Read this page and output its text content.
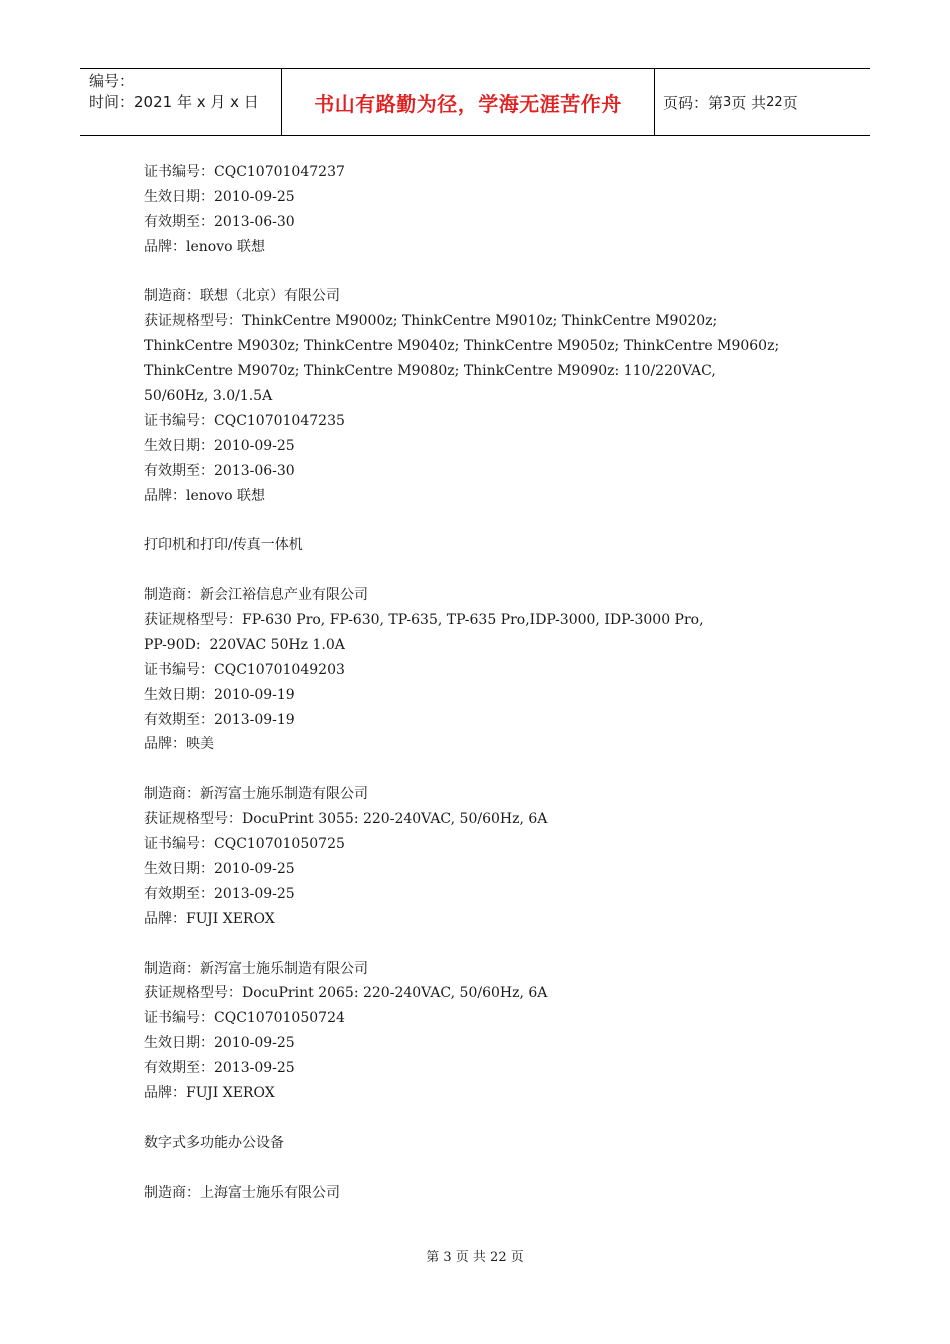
编号：
时间：2021 年 x 月 x 日	书山有路勤为径，学海无涯苦作舟	页码：第 3 页 共 22 页
证书编号：CQC10701047237
生效日期：2010-09-25
有效期至：2013-06-30
品牌：lenovo 联想
制造商：联想（北京）有限公司
获证规格型号：ThinkCentre M9000z; ThinkCentre M9010z; ThinkCentre M9020z;
ThinkCentre M9030z; ThinkCentre M9040z; ThinkCentre M9050z; ThinkCentre M9060z;
ThinkCentre M9070z; ThinkCentre M9080z; ThinkCentre M9090z: 110/220VAC,
50/60Hz, 3.0/1.5A
证书编号：CQC10701047235
生效日期：2010-09-25
有效期至：2013-06-30
品牌：lenovo 联想
打印机和打印/传真一体机
制造商：新会江裕信息产业有限公司
获证规格型号：FP-630 Pro, FP-630, TP-635, TP-635 Pro,IDP-3000, IDP-3000 Pro,
PP-90D:  220VAC 50Hz 1.0A
证书编号：CQC10701049203
生效日期：2010-09-19
有效期至：2013-09-19
品牌：映美
制造商：新泻富士施乐制造有限公司
获证规格型号：DocuPrint 3055: 220-240VAC, 50/60Hz, 6A
证书编号：CQC10701050725
生效日期：2010-09-25
有效期至：2013-09-25
品牌：FUJI XEROX
制造商：新泻富士施乐制造有限公司
获证规格型号：DocuPrint 2065: 220-240VAC, 50/60Hz, 6A
证书编号：CQC10701050724
生效日期：2010-09-25
有效期至：2013-09-25
品牌：FUJI XEROX
数字式多功能办公设备
制造商：上海富士施乐有限公司
第 3 页 共 22 页
